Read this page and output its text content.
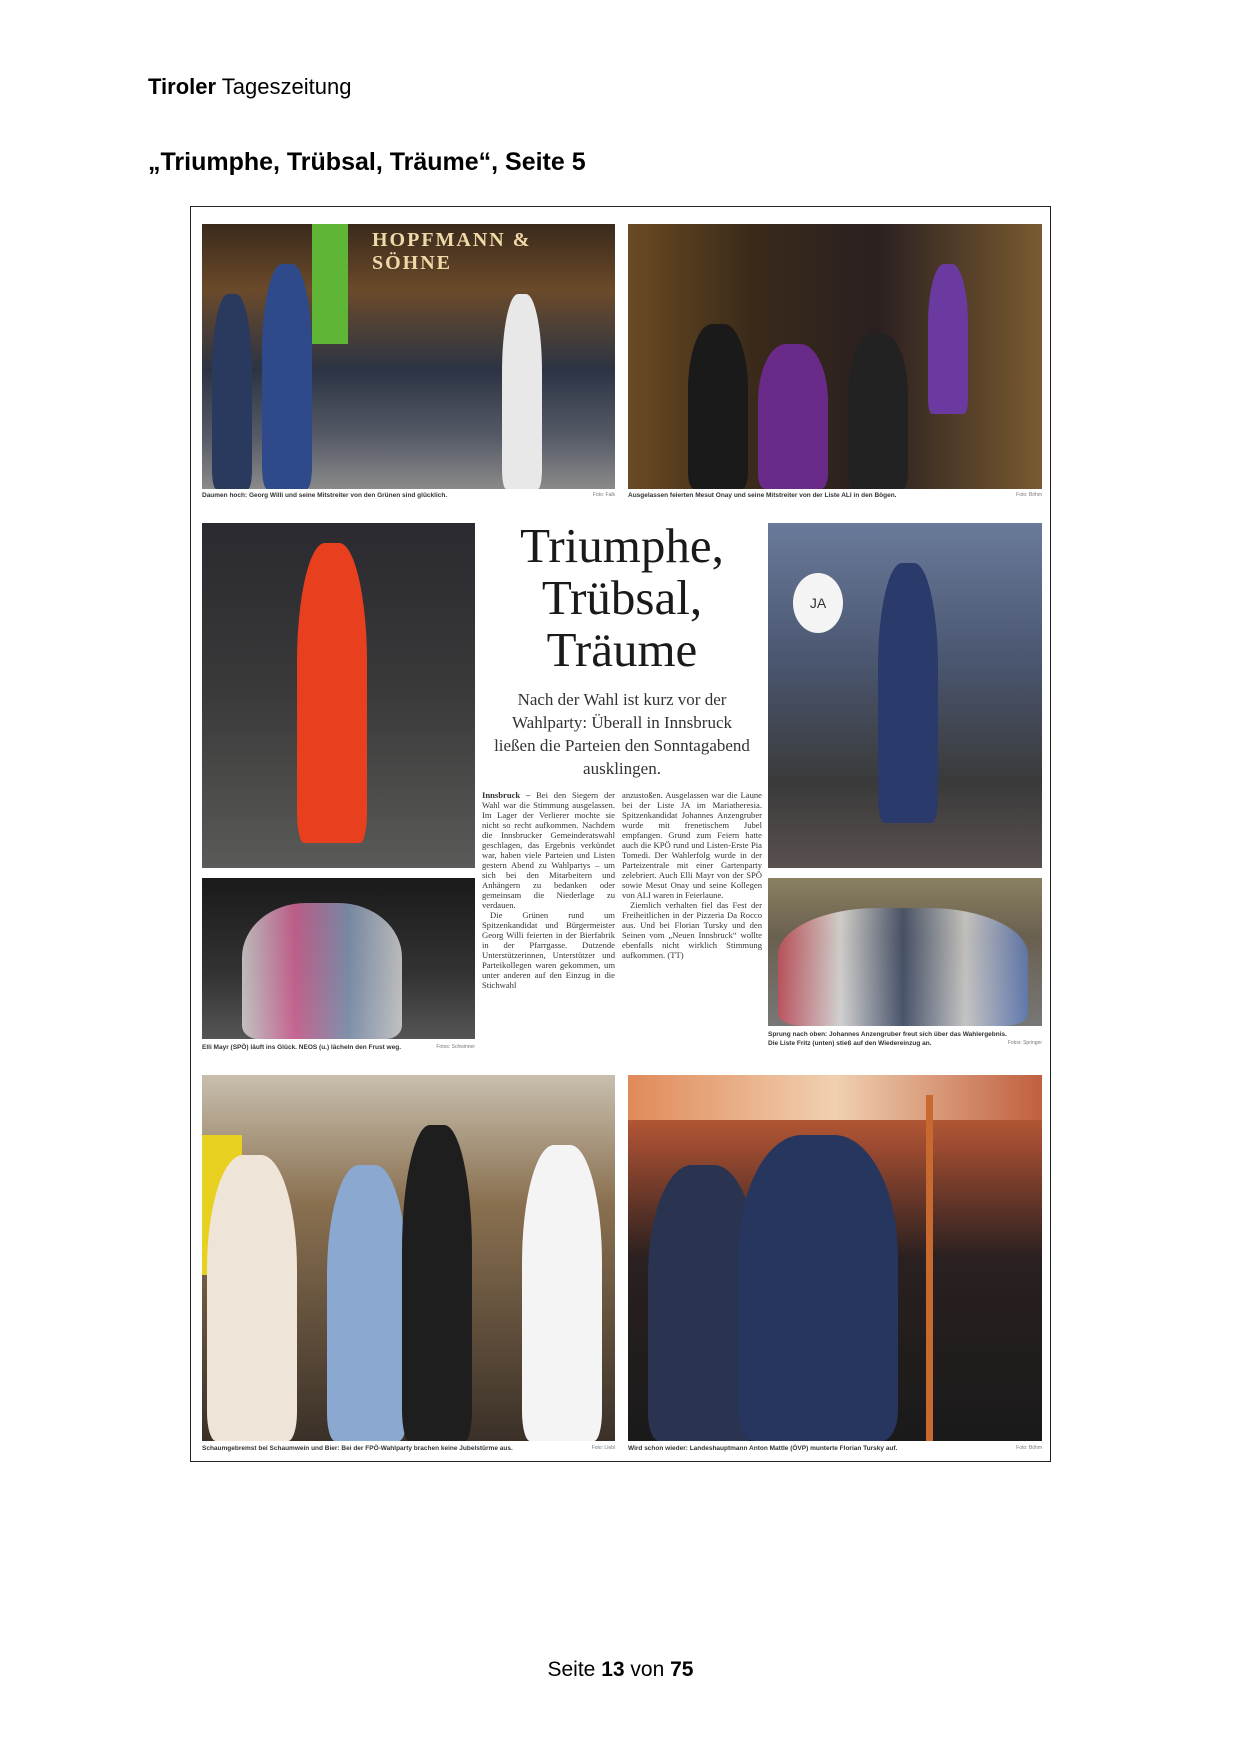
Tiroler Tageszeitung
„Triumphe, Trübsal, Träume“, Seite 5
HOPFMANN & SÖHNE
Daumen hoch: Georg Willi und seine Mitstreiter von den Grünen sind glücklich.	Foto: Falk Ausgelassen feierten Mesut Onay und seine Mitstreiter von der Liste ALI in den Bögen.	Foto: Böhm
Triumphe, Trübsal, Träume
Nach der Wahl ist kurz vor der Wahlparty: Überall in Innsbruck ließen die Parteien den Sonntagabend ausklingen.
JA
Elli Mayr (SPÖ) läuft ins Glück. NEOS (u.) lächeln den Frust weg.	Fotos: Schwinner

Innsbruck – Bei den Siegern der Wahl war die Stimmung ausgelassen. Im Lager der Verlierer mochte sie nicht so recht aufkommen. Nachdem die Innsbrucker Gemeinderatswahl geschlagen, das Ergebnis verkündet war, haben viele Parteien und Listen gestern Abend zu Wahlpartys – um sich bei den Mitarbeitern und Anhängern zu bedanken oder gemeinsam die Niederlage zu verdauen.

Die Grünen rund um Spitzenkandidat und Bürgermeister Georg Willi feierten in der Bierfabrik in der Pfarrgasse. Dutzende Unterstützerinnen, Unterstützer und Parteikollegen waren gekommen, um unter anderen auf den Einzug in die Stichwahl

anzustoßen. Ausgelassen war die Laune bei der Liste JA im Mariatheresia. Spitzenkandidat Johannes Anzengruber wurde mit frenetischem Jubel empfangen. Grund zum Feiern hatte auch die KPÖ rund und Listen-Erste Pia Tomedi. Der Wahlerfolg wurde in der Parteizentrale mit einer Gartenparty zelebriert. Auch Elli Mayr von der SPÖ sowie Mesut Onay und seine Kollegen von ALI waren in Feierlaune.

Ziemlich verhalten fiel das Fest der Freiheitlichen in der Pizzeria Da Rocco aus. Und bei Florian Tursky und den Seinen vom „Neuen Innsbruck“ wollte ebenfalls nicht wirklich Stimmung aufkommen. (TT)

Sprung nach oben: Johannes Anzengruber freut sich über das Wahlergebnis.
Die Liste Fritz (unten) stieß auf den Wiedereinzug an.	Fotos: Springer
Schaumgebremst bei Schaumwein und Bier: Bei der FPÖ-Wahlparty brachen keine Jubelstürme aus.	Foto: Liebl Wird schon wieder: Landeshauptmann Anton Mattle (ÖVP) munterte Florian Tursky auf.	Foto: Böhm
Seite 13 von 75
